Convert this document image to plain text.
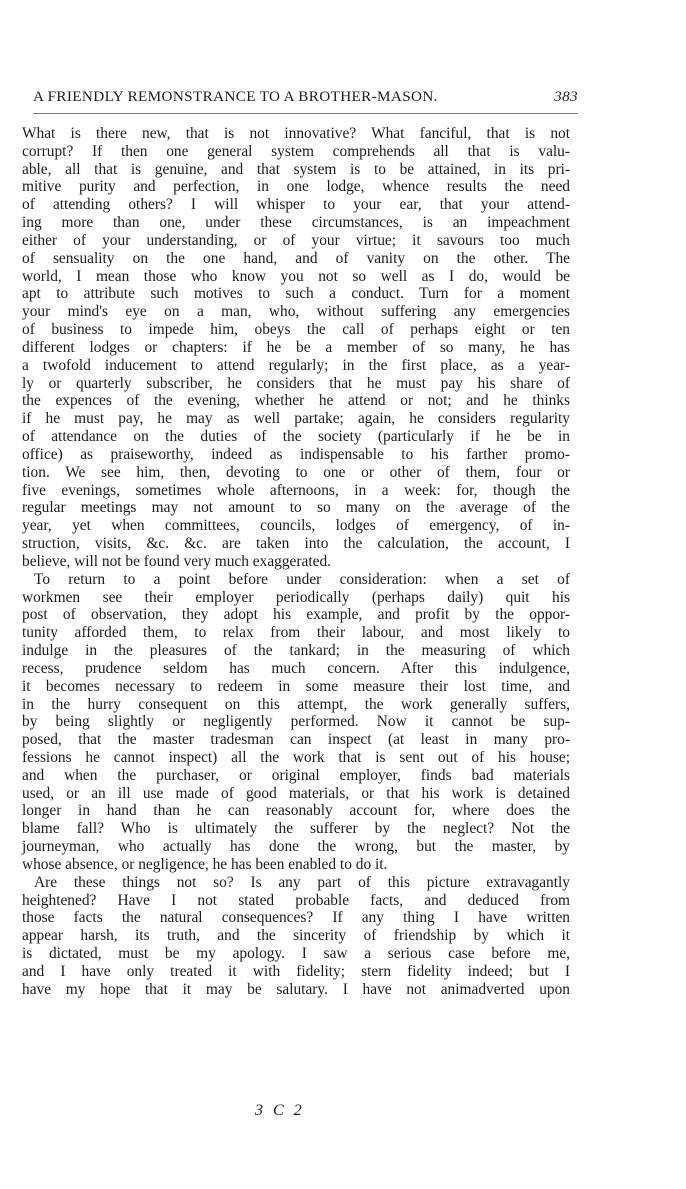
A FRIENDLY REMONSTRANCE TO A BROTHER-MASON.	383
What is there new, that is not innovative? What fanciful, that is not
corrupt? If then one general system comprehends all that is valu-
able, all that is genuine, and that system is to be attained, in its pri-
mitive purity and perfection, in one lodge, whence results the need
of attending others? I will whisper to your ear, that your attend-
ing more than one, under these circumstances, is an impeachment
either of your understanding, or of your virtue; it savours too much
of sensuality on the one hand, and of vanity on the other. The
world, I mean those who know you not so well as I do, would be
apt to attribute such motives to such a conduct. Turn for a moment
your mind's eye on a man, who, without suffering any emergencies
of business to impede him, obeys the call of perhaps eight or ten
different lodges or chapters: if he be a member of so many, he has
a twofold inducement to attend regularly; in the first place, as a year-
ly or quarterly subscriber, he considers that he must pay his share of
the expences of the evening, whether he attend or not; and he thinks
if he must pay, he may as well partake; again, he considers regularity
of attendance on the duties of the society (particularly if he be in
office) as praiseworthy, indeed as indispensable to his farther promo-
tion. We see him, then, devoting to one or other of them, four or
five evenings, sometimes whole afternoons, in a week: for, though the
regular meetings may not amount to so many on the average of the
year, yet when committees, councils, lodges of emergency, of in-
struction, visits, &c. &c. are taken into the calculation, the account, I
believe, will not be found very much exaggerated.
To return to a point before under consideration: when a set of
workmen see their employer periodically (perhaps daily) quit his
post of observation, they adopt his example, and profit by the oppor-
tunity afforded them, to relax from their labour, and most likely to
indulge in the pleasures of the tankard; in the measuring of which
recess, prudence seldom has much concern. After this indulgence,
it becomes necessary to redeem in some measure their lost time, and
in the hurry consequent on this attempt, the work generally suffers,
by being slightly or negligently performed. Now it cannot be sup-
posed, that the master tradesman can inspect (at least in many pro-
fessions he cannot inspect) all the work that is sent out of his house;
and when the purchaser, or original employer, finds bad materials
used, or an ill use made of good materials, or that his work is detained
longer in hand than he can reasonably account for, where does the
blame fall? Who is ultimately the sufferer by the neglect? Not the
journeyman, who actually has done the wrong, but the master, by
whose absence, or negligence, he has been enabled to do it.
Are these things not so? Is any part of this picture extravagantly
heightened? Have I not stated probable facts, and deduced from
those facts the natural consequences? If any thing I have written
appear harsh, its truth, and the sincerity of friendship by which it
is dictated, must be my apology. I saw a serious case before me,
and I have only treated it with fidelity; stern fidelity indeed; but I
have my hope that it may be salutary. I have not animadverted upon
3 C 2
